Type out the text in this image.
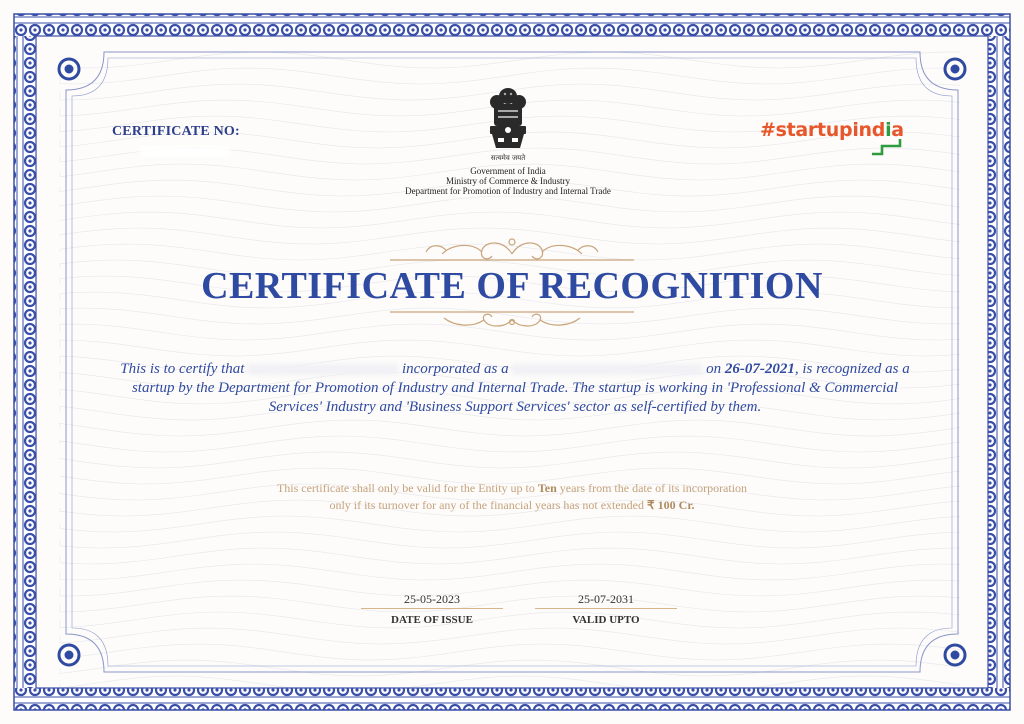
सत्यमेव जयते
Government of India
Ministry of Commerce & Industry
Department for Promotion of Industry and Internal Trade
CERTIFICATE NO:	#startupindia
CERTIFICATE OF RECOGNITION
This is to certify that	incorporated as a	on 26-07-2021, is recognized as a startup by the Department for Promotion of Industry and Internal Trade. The startup is working in 'Professional & Commercial Services' Industry and 'Business Support Services' sector as self-certified by them.
This certificate shall only be valid for the Entity up to Ten years from the date of its incorporation
only if its turnover for any of the financial years has not extended ₹ 100 Cr.
25-05-2023
DATE OF ISSUE
25-07-2031
VALID UPTO
